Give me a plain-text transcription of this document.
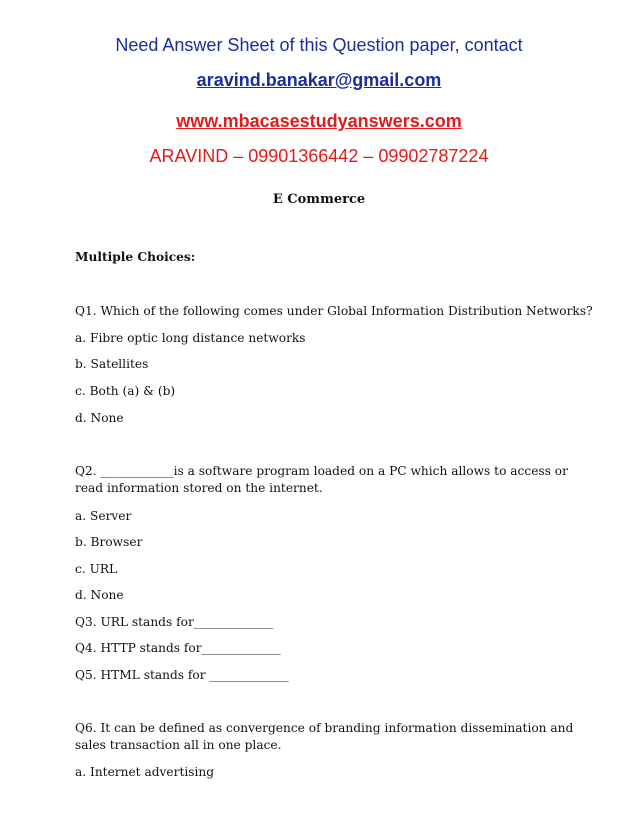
Need Answer Sheet of this Question paper, contact
aravind.banakar@gmail.com
www.mbacasestudyanswers.com
ARAVIND – 09901366442 – 09902787224
E Commerce
Multiple Choices:
Q1. Which of the following comes under Global Information Distribution Networks?
a. Fibre optic long distance networks
b. Satellites
c. Both (a) & (b)
d. None
Q2. ____________is a software program loaded on a PC which allows to access or read information stored on the internet.
a. Server
b. Browser
c. URL
d. None
Q3. URL stands for_____________
Q4. HTTP stands for_____________
Q5. HTML stands for _____________
Q6. It can be defined as convergence of branding information dissemination and sales transaction all in one place.
a. Internet advertising
